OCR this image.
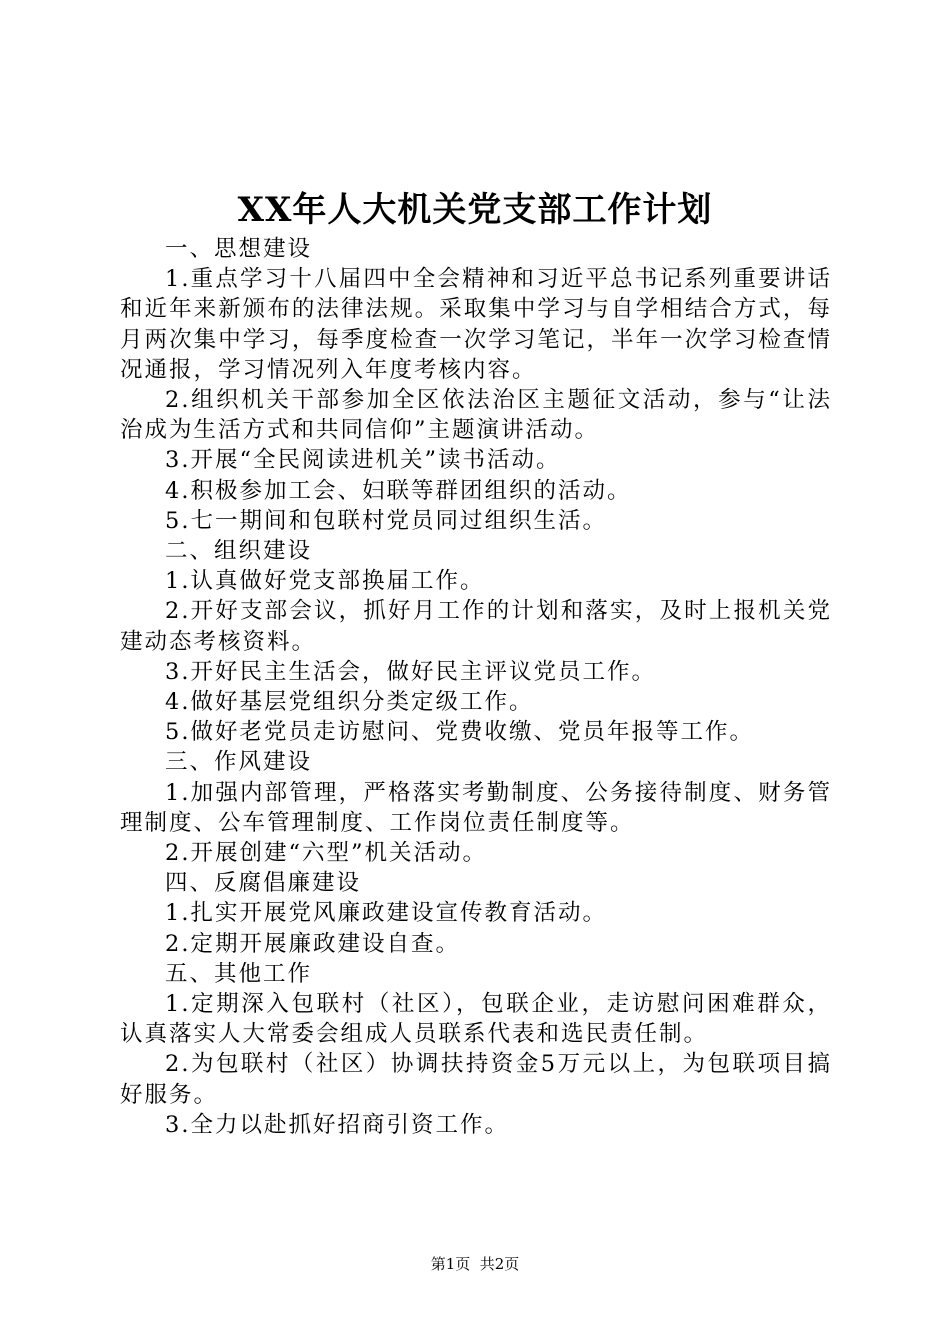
XX年人大机关党支部工作计划

一、思想建设

1.重点学习十八届四中全会精神和习近平总书记系列重要讲话和近年来新颁布的法律法规。采取集中学习与自学相结合方式，每月两次集中学习，每季度检查一次学习笔记，半年一次学习检查情况通报，学习情况列入年度考核内容。

2.组织机关干部参加全区依法治区主题征文活动，参与“让法治成为生活方式和共同信仰”主题演讲活动。

3.开展“全民阅读进机关”读书活动。

4.积极参加工会、妇联等群团组织的活动。

5.七一期间和包联村党员同过组织生活。

二、组织建设

1.认真做好党支部换届工作。

2.开好支部会议，抓好月工作的计划和落实，及时上报机关党建动态考核资料。

3.开好民主生活会，做好民主评议党员工作。

4.做好基层党组织分类定级工作。

5.做好老党员走访慰问、党费收缴、党员年报等工作。

三、作风建设

1.加强内部管理，严格落实考勤制度、公务接待制度、财务管理制度、公车管理制度、工作岗位责任制度等。

2.开展创建“六型”机关活动。

四、反腐倡廉建设

1.扎实开展党风廉政建设宣传教育活动。

2.定期开展廉政建设自查。

五、其他工作

1.定期深入包联村（社区），包联企业，走访慰问困难群众，认真落实人大常委会组成人员联系代表和选民责任制。

2.为包联村（社区）协调扶持资金5万元以上，为包联项目搞好服务。

3.全力以赴抓好招商引资工作。

第1页  共2页
